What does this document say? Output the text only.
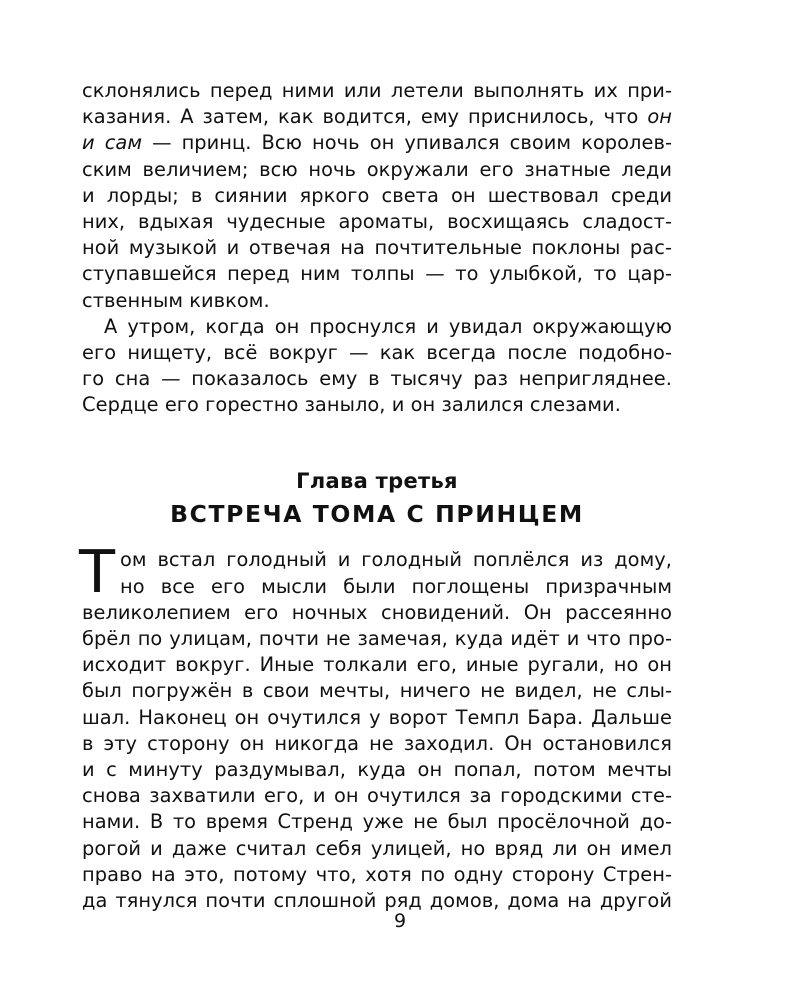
склонялись перед ними или летели выполнять их при-
казания. А затем, как водится, ему приснилось, что он
и сам — принц. Всю ночь он упивался своим королев-
ским величием; всю ночь окружали его знатные леди
и лорды; в сиянии яркого света он шествовал среди
них, вдыхая чудесные ароматы, восхищаясь сладост-
ной музыкой и отвечая на почтительные поклоны рас-
ступавшейся перед ним толпы — то улыбкой, то цар-
ственным кивком.
А утром, когда он проснулся и увидал окружающую
его нищету, всё вокруг — как всегда после подобно-
го сна — показалось ему в тысячу раз непригляднее.
Сердце его горестно заныло, и он залился слезами.
Глава третья
ВСТРЕЧА ТОМА С ПРИНЦЕМ
Т ом встал голодный и голодный поплёлся из дому,
но все его мысли были поглощены призрачным
великолепием его ночных сновидений. Он рассеянно
брёл по улицам, почти не замечая, куда идёт и что про-
исходит вокруг. Иные толкали его, иные ругали, но он
был погружён в свои мечты, ничего не видел, не слы-
шал. Наконец он очутился у ворот Темпл Бара. Дальше
в эту сторону он никогда не заходил. Он остановился
и с минуту раздумывал, куда он попал, потом мечты
снова захватили его, и он очутился за городскими сте-
нами. В то время Стренд уже не был просёлочной до-
рогой и даже считал себя улицей, но вряд ли он имел
право на это, потому что, хотя по одну сторону Стрен-
да тянулся почти сплошной ряд домов, дома на другой
9
